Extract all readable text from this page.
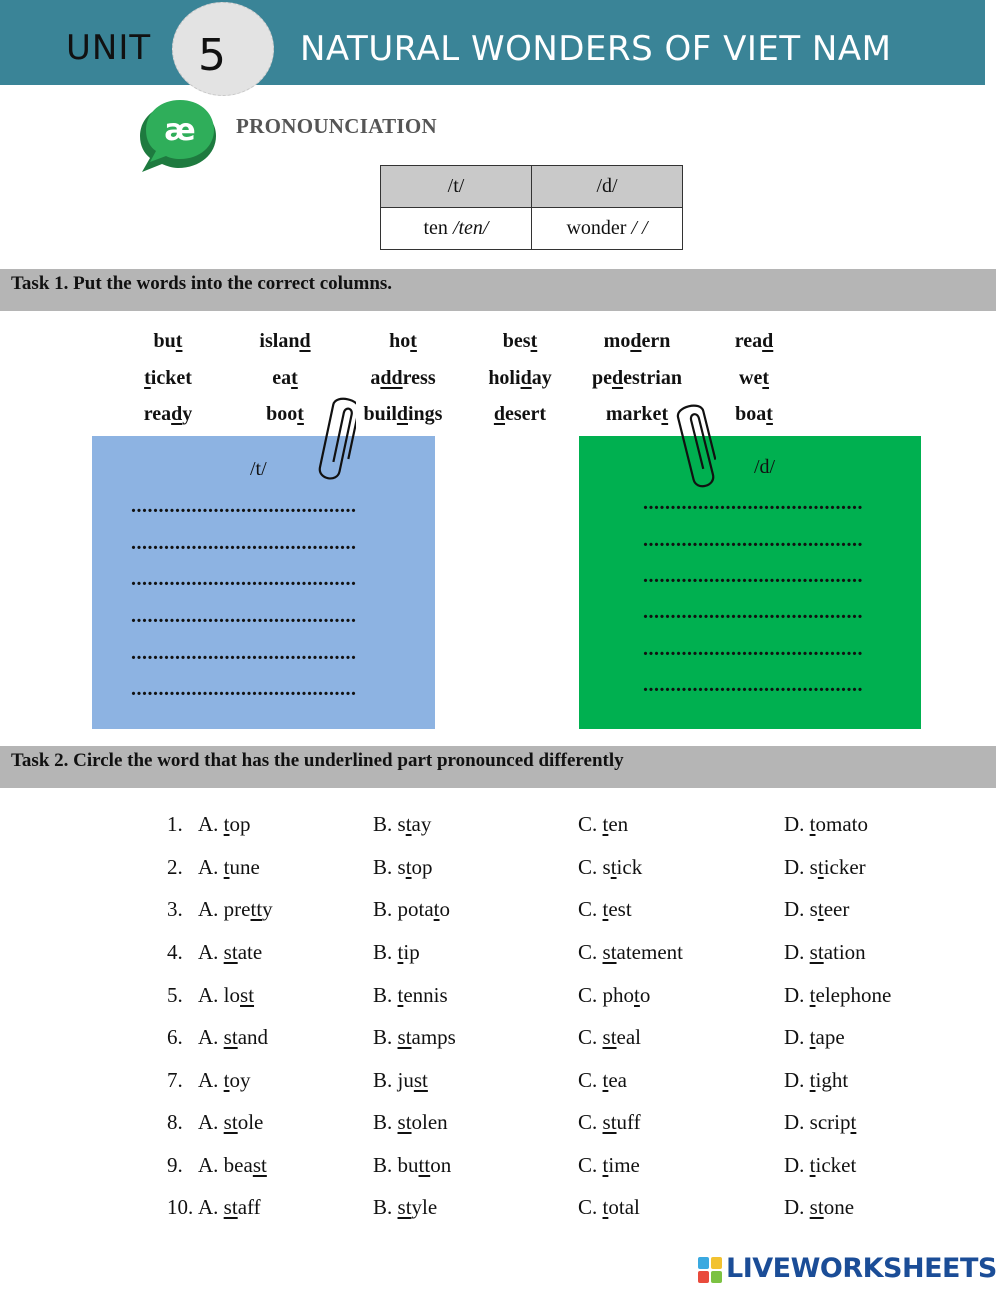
UNIT	5	NATURAL WONDERS OF VIET NAM
æ PRONOUNCIATION
/t/	/d/
ten /ten/	wonder / /
Task 1. Put the words into the correct columns.
but	island	hot	best	modern	read
ticket	eat	address	holiday	pedestrian	wet
ready	boot	buildings	desert	market	boat
/t/
.........................................
.........................................
.........................................
.........................................
.........................................
.........................................
/d/
........................................
........................................
........................................
........................................
........................................
........................................
Task 2. Circle the word that has the underlined part pronounced differently
1. A. top	B. stay	C. ten	D. tomato
2. A. tune	B. stop	C. stick	D. sticker
3. A. pretty	B. potato	C. test	D. steer
4. A. state	B. tip	C. statement	D. station
5. A. lost	B. tennis	C. photo	D. telephone
6. A. stand	B. stamps	C. steal	D. tape
7. A. toy	B. just	C. tea	D. tight
8. A. stole	B. stolen	C. stuff	D. script
9. A. beast	B. button	C. time	D. ticket
10. A. staff	B. style	C. total	D. stone
LIVEWORKSHEETS
